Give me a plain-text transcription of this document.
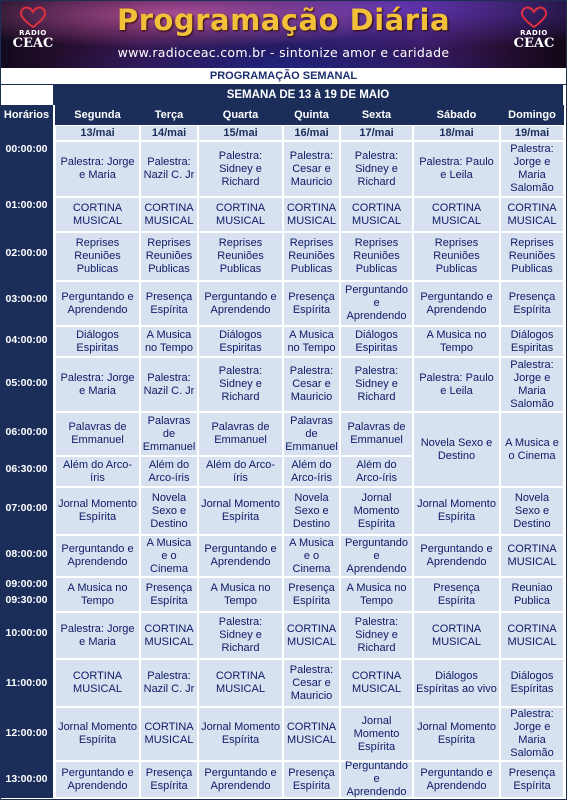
RADIO
CEAC
Programação Diária
www.radioceac.com.br - sintonize amor e caridade
RADIO
CEAC
PROGRAMAÇÃO SEMANAL
SEMANA DE 13 à 19 DE MAIO
Horários	Segunda
13/mai
Terça
14/mai
Quarta
15/mai
Quinta
16/mai
Sexta
17/mai
Sábado
18/mai
Domingo
19/mai
Palestra: Jorge e Maria
Palestra: Nazil C. Jr
Palestra: Sidney e Richard
Palestra: Cesar e Mauricio
Palestra: Sidney e Richard
Palestra: Paulo e Leila
Palestra: Jorge e Maria Salomão
CORTINA MUSICAL
CORTINA MUSICAL
CORTINA MUSICAL
CORTINA MUSICAL
CORTINA MUSICAL
CORTINA MUSICAL
CORTINA MUSICAL
Reprises Reuniões Publicas
Reprises Reuniões Publicas
Reprises Reuniões Publicas
Reprises Reuniões Publicas
Reprises Reuniões Publicas
Reprises Reuniões Publicas
Reprises Reuniões Publicas
Perguntando e Aprendendo
Presença Espírita
Perguntando e Aprendendo
Presença Espírita
Perguntando e Aprendendo
Perguntando e Aprendendo
Presença Espírita
Diálogos Espiritas
A Musica no Tempo
Diálogos Espiritas
A Musica no Tempo
Diálogos Espiritas
A Musica no Tempo
Diálogos Espiritas
Palestra: Jorge e Maria
Palestra: Nazil C. Jr
Palestra: Sidney e Richard
Palestra: Cesar e Mauricio
Palestra: Sidney e Richard
Palestra: Paulo e Leila
Palestra: Jorge e Maria Salomão
Palavras de Emmanuel
Palavras de Emmanuel
Palavras de Emmanuel
Palavras de Emmanuel
Palavras de Emmanuel	Novela Sexo e Destino
A Musica e o Cinema
Além do Arco-íris
Além do Arco-íris
Além do Arco-íris
Além do Arco-íris
Além do Arco-íris
Jornal Momento Espírita
Novela Sexo e Destino
Jornal Momento Espírita
Novela Sexo e Destino
Jornal Momento Espírita
Jornal Momento Espírita
Novela Sexo e Destino
Perguntando e Aprendendo
A Musica e o Cinema
Perguntando e Aprendendo
A Musica e o Cinema
Perguntando e Aprendendo
Perguntando e Aprendendo
CORTINA MUSICAL
A Musica no Tempo
Presença Espírita
A Musica no Tempo
Presença Espírita
A Musica no Tempo
Presença Espírita
Reuniao Publica
Palestra: Jorge e Maria
CORTINA MUSICAL
Palestra: Sidney e Richard
CORTINA MUSICAL
Palestra: Sidney e Richard
CORTINA MUSICAL
CORTINA MUSICAL
CORTINA MUSICAL
Palestra: Nazil C. Jr
CORTINA MUSICAL
Palestra: Cesar e Mauricio
CORTINA MUSICAL
Diálogos Espíritas ao vivo
Diálogos Espíritas
Jornal Momento Espírita
CORTINA MUSICAL
Jornal Momento Espírita
CORTINA MUSICAL
Jornal Momento Espírita
Jornal Momento Espírita
Palestra: Jorge e Maria Salomão
Perguntando e Aprendendo
Presença Espírita
Perguntando e Aprendendo
Presença Espírita
Perguntando e Aprendendo
Perguntando e Aprendendo
Presença Espírita
00:00:00
01:00:00
02:00:00
03:00:00
04:00:00
05:00:00
06:00:00
06:30:00
07:00:00
08:00:00
09:00:00
09:30:00
10:00:00
11:00:00
12:00:00
13:00:00
